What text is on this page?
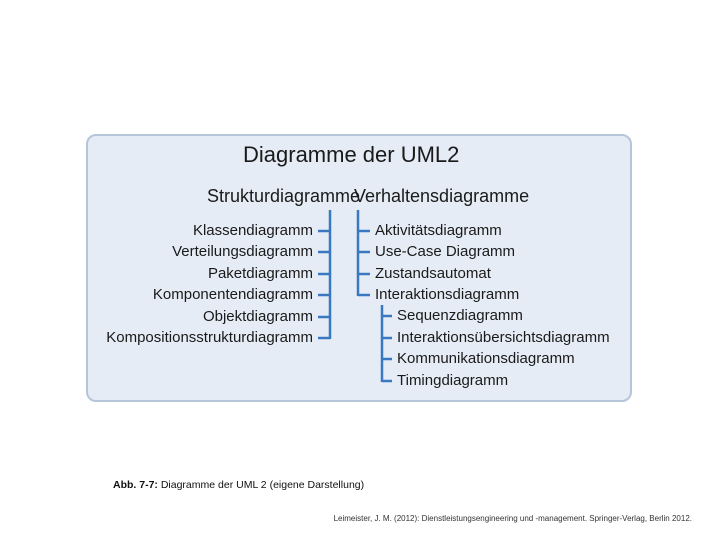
Diagramme der UML2
Strukturdiagramme
Verhaltensdiagramme
Klassendiagramm
Verteilungsdiagramm
Paketdiagramm
Komponentendiagramm
Objektdiagramm
Kompositionsstrukturdiagramm
Aktivitätsdiagramm
Use-Case Diagramm
Zustandsautomat
Interaktionsdiagramm
Sequenzdiagramm
Interaktionsübersichtsdiagramm
Kommunikationsdiagramm
Timingdiagramm
Abb. 7-7: Diagramme der UML 2 (eigene Darstellung)
Leimeister, J. M. (2012): Dienstleistungsengineering und -management. Springer-Verlag, Berlin 2012.
